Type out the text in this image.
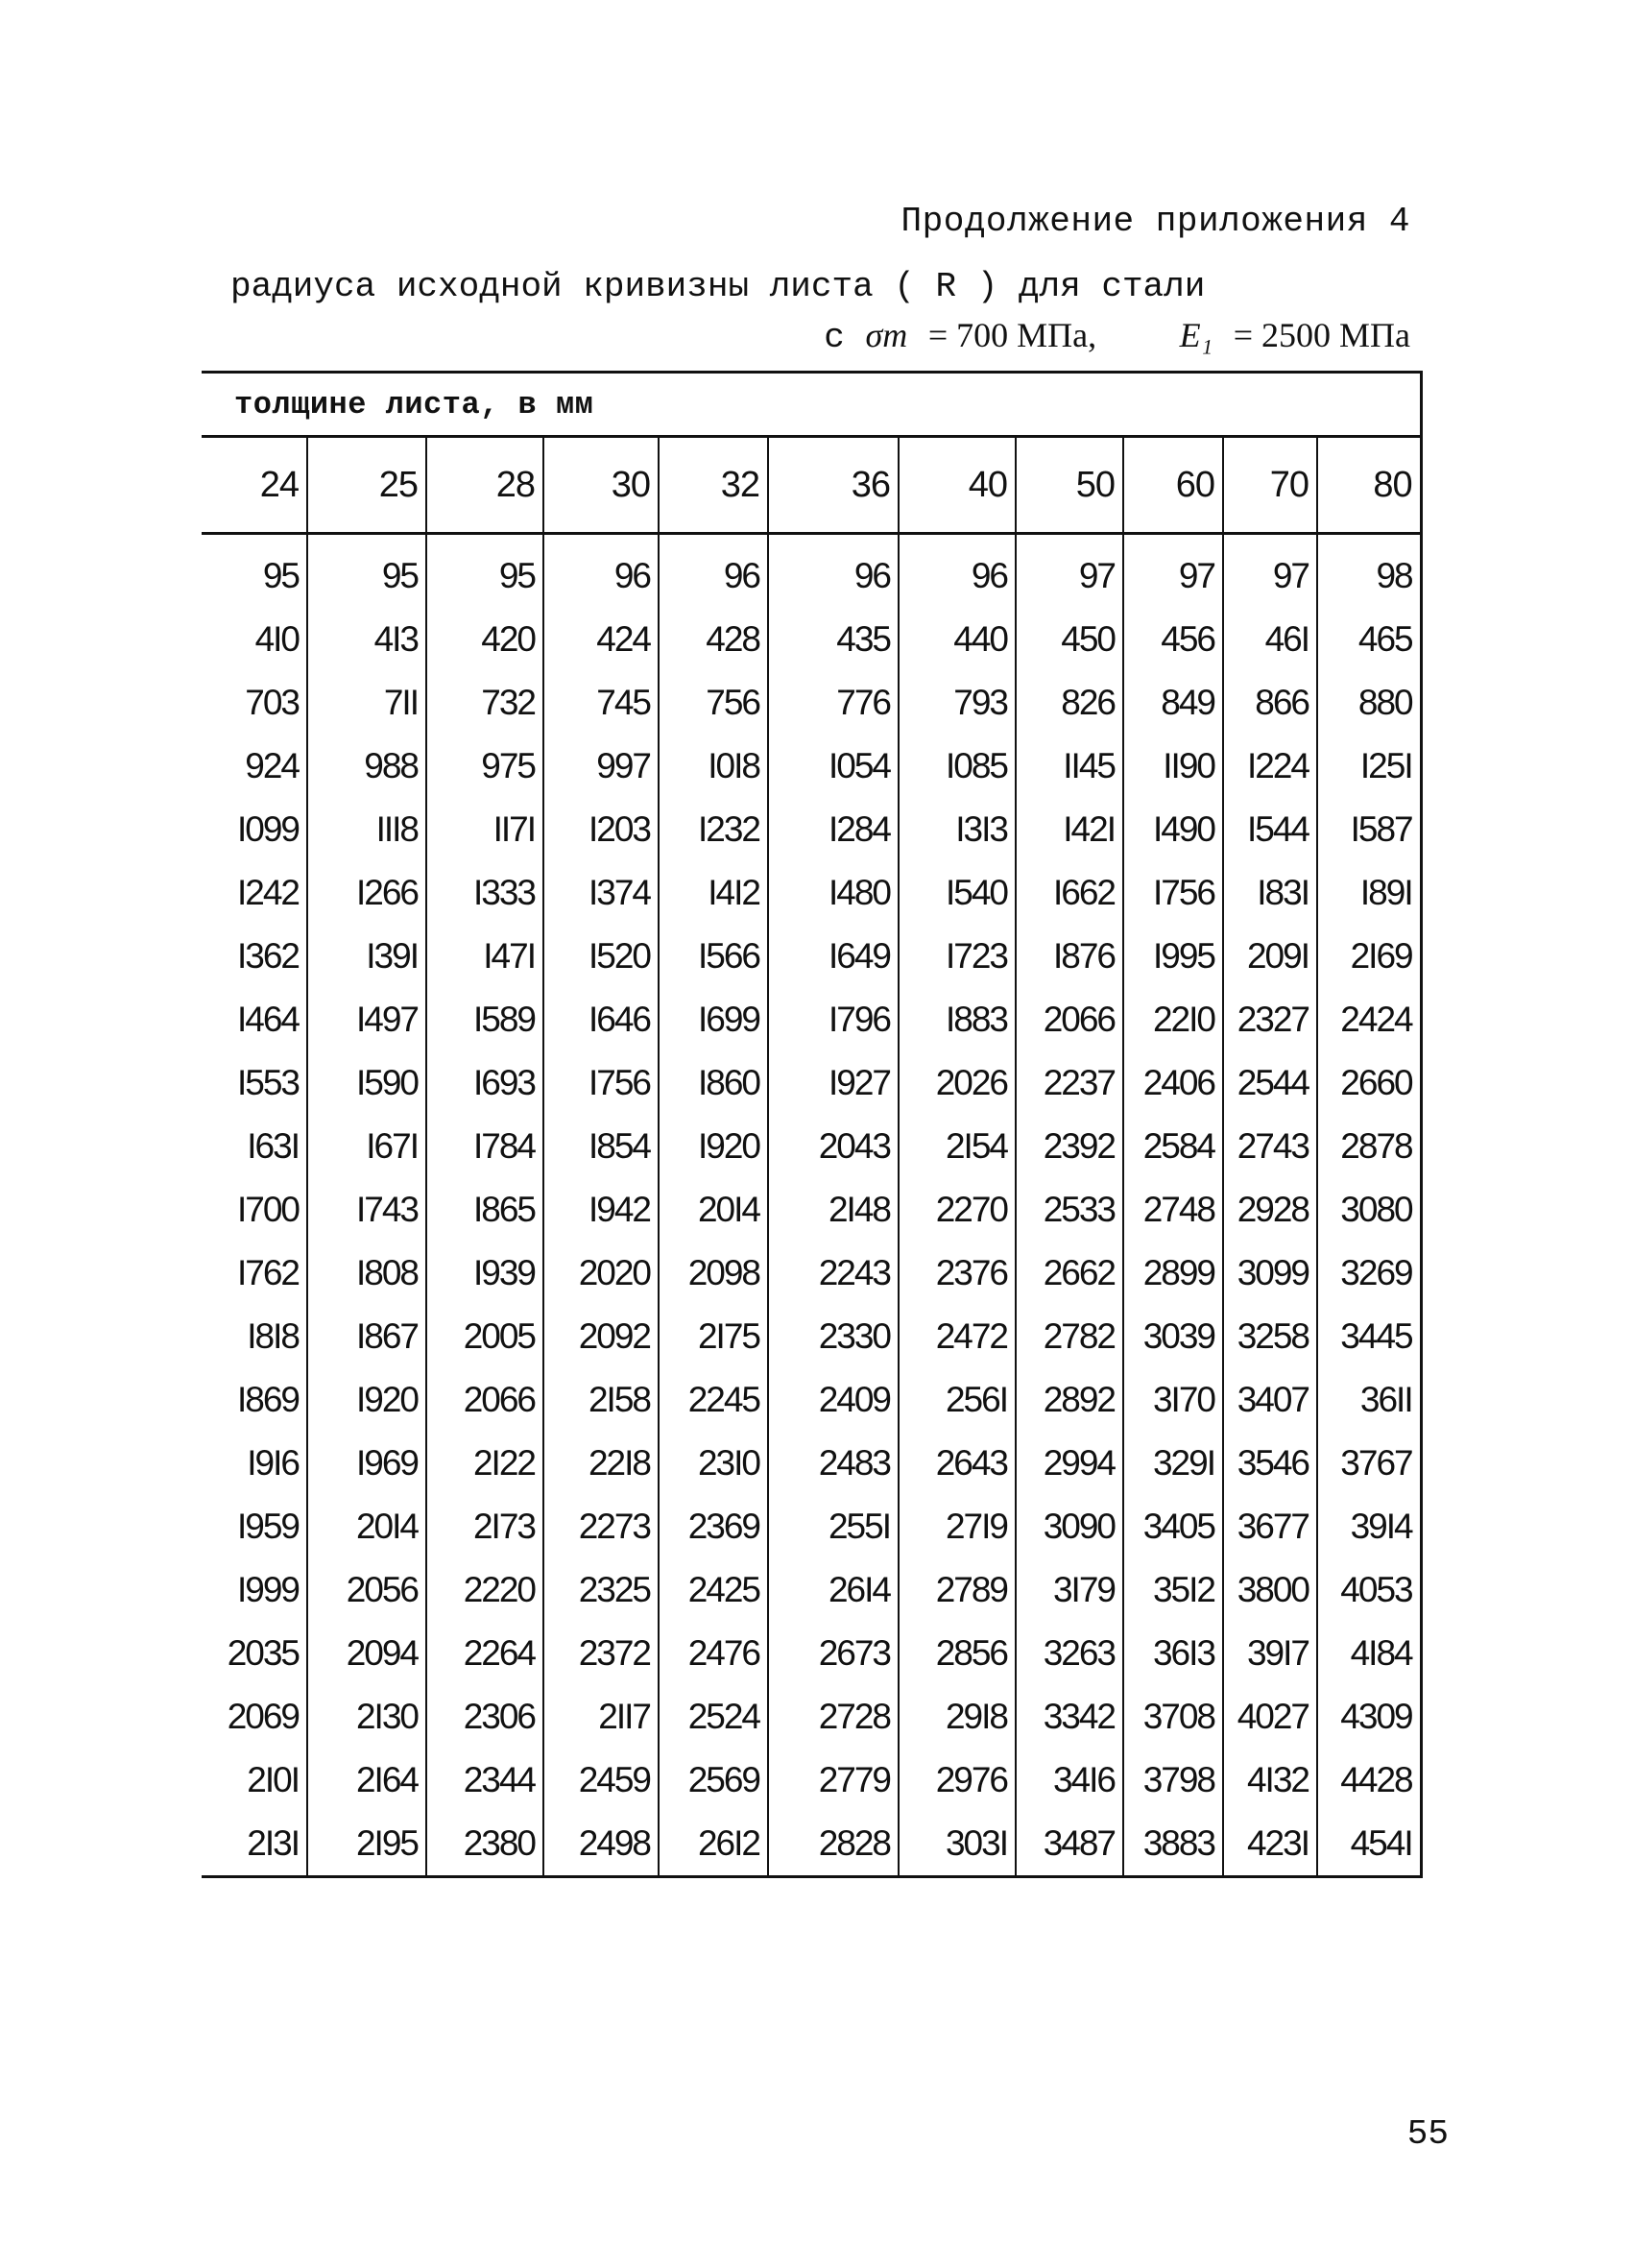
Продолжение приложения 4
радиуса исходной кривизны листа ( R ) для стали
с σт = 700 МПа, E₁ = 2500 МПа
толщине листа, в мм										
24	25	28	30	32	36	40	50	60	70	80

95	95	95	96	96	96	96	97	97	97	98
4I0	4I3	420	424	428	435	440	450	456	46I	465
703	7II	732	745	756	776	793	826	849	866	880
924	988	975	997	I0I8	I054	I085	II45	II90	I224	I25I
I099	III8	II7I	I203	I232	I284	I3I3	I42I	I490	I544	I587
I242	I266	I333	I374	I4I2	I480	I540	I662	I756	I83I	I89I
I362	I39I	I47I	I520	I566	I649	I723	I876	I995	209I	2I69
I464	I497	I589	I646	I699	I796	I883	2066	22I0	2327	2424
I553	I590	I693	I756	I860	I927	2026	2237	2406	2544	2660
I63I	I67I	I784	I854	I920	2043	2I54	2392	2584	2743	2878
I700	I743	I865	I942	20I4	2I48	2270	2533	2748	2928	3080
I762	I808	I939	2020	2098	2243	2376	2662	2899	3099	3269
I8I8	I867	2005	2092	2I75	2330	2472	2782	3039	3258	3445
I869	I920	2066	2I58	2245	2409	256I	2892	3I70	3407	36II
I9I6	I969	2I22	22I8	23I0	2483	2643	2994	329I	3546	3767
I959	20I4	2I73	2273	2369	255I	27I9	3090	3405	3677	39I4
I999	2056	2220	2325	2425	26I4	2789	3I79	35I2	3800	4053
2035	2094	2264	2372	2476	2673	2856	3263	36I3	39I7	4I84
2069	2I30	2306	2II7	2524	2728	29I8	3342	3708	4027	4309
2I0I	2I64	2344	2459	2569	2779	2976	34I6	3798	4I32	4428
2I3I	2I95	2380	2498	26I2	2828	303I	3487	3883	423I	454I
55
